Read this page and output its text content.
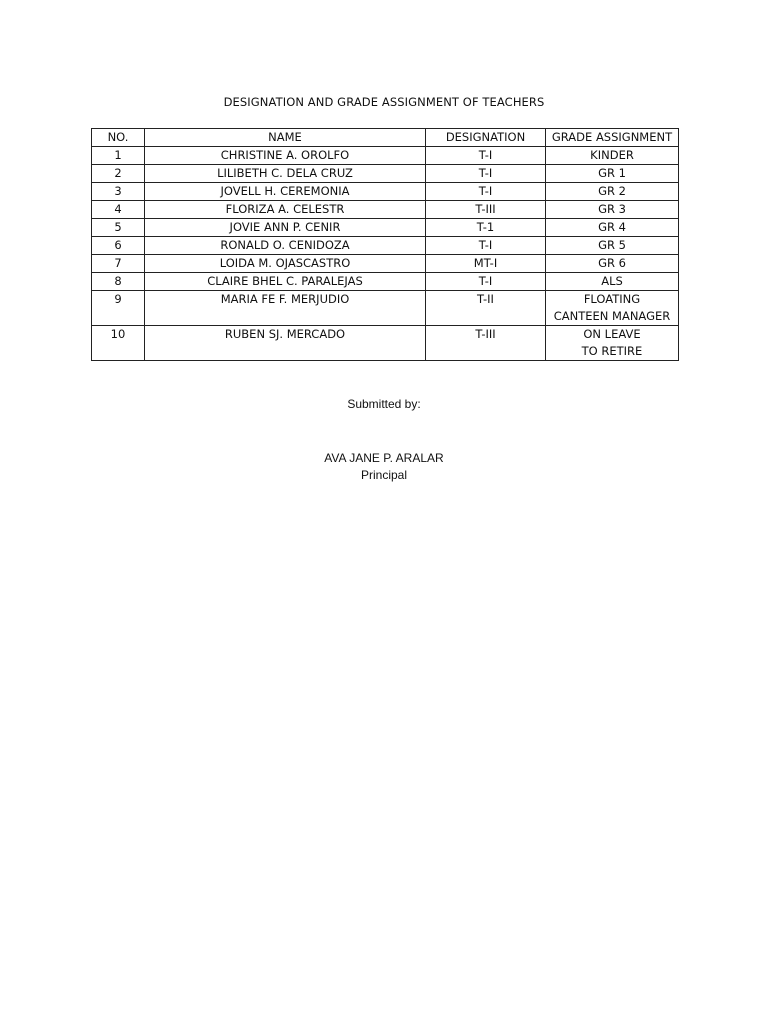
DESIGNATION AND GRADE ASSIGNMENT OF TEACHERS
NO.	NAME	DESIGNATION	GRADE ASSIGNMENT
1	CHRISTINE A. OROLFO	T-I	KINDER

2	LILIBETH C. DELA CRUZ	T-I	GR 1

3	JOVELL H. CEREMONIA	T-I	GR 2

4	FLORIZA A. CELESTR	T-III	GR 3

5	JOVIE ANN P. CENIR	T-1	GR 4

6	RONALD O. CENIDOZA	T-I	GR 5

7	LOIDA M. OJASCASTRO	MT-I	GR 6

8	CLAIRE BHEL C. PARALEJAS	T-I	ALS

9	MARIA FE F. MERJUDIO	T-II	FLOATING
CANTEEN MANAGER

10	RUBEN SJ. MERCADO	T-III	ON LEAVE
TO RETIRE
Submitted by:
AVA JANE P. ARALAR
Principal
